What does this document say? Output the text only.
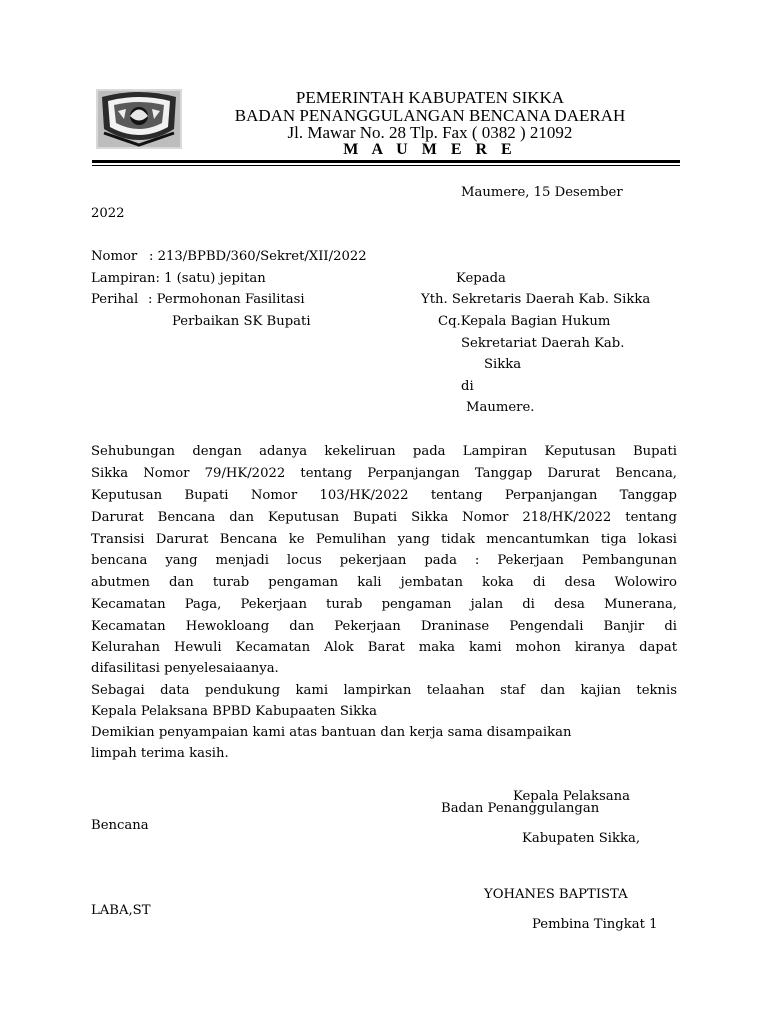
PEMERINTAH KABUPATEN SIKKA
BADAN PENANGGULANGAN BENCANA DAERAH
Jl. Mawar No. 28 Tlp. Fax ( 0382 ) 21092
M A U M E R E
Maumere, 15 Desember
2022
Nomor : 213/BPBD/360/Sekret/XII/2022
Lampiran: 1 (satu) jepitan
Perihal : Permohonan Fasilitasi
Perbaikan SK Bupati
Kepada
Yth. Sekretaris Daerah Kab. Sikka
Cq.Kepala Bagian Hukum
Sekretariat Daerah Kab.
Sikka
di
Maumere.
Sehubungan dengan adanya kekeliruan pada Lampiran Keputusan Bupati
Sikka Nomor 79/HK/2022 tentang Perpanjangan Tanggap Darurat Bencana,
Keputusan Bupati Nomor 103/HK/2022 tentang Perpanjangan Tanggap
Darurat Bencana dan Keputusan Bupati Sikka Nomor 218/HK/2022 tentang
Transisi Darurat Bencana ke Pemulihan yang tidak mencantumkan tiga lokasi
bencana yang menjadi locus pekerjaan pada : Pekerjaan Pembangunan
abutmen dan turab pengaman kali jembatan koka di desa Wolowiro
Kecamatan Paga, Pekerjaan turab pengaman jalan di desa Munerana,
Kecamatan Hewokloang dan Pekerjaan Draninase Pengendali Banjir di
Kelurahan Hewuli Kecamatan Alok Barat maka kami mohon kiranya dapat
difasilitasi penyelesaiaanya.
Sebagai data pendukung kami lampirkan telaahan staf dan kajian teknis
Kepala Pelaksana BPBD Kabupaaten Sikka
Demikian penyampaian kami atas bantuan dan kerja sama disampaikan
limpah terima kasih.
Kepala Pelaksana
Badan Penanggulangan
Bencana
Kabupaten Sikka,
YOHANES BAPTISTA
LABA,ST
Pembina Tingkat 1
